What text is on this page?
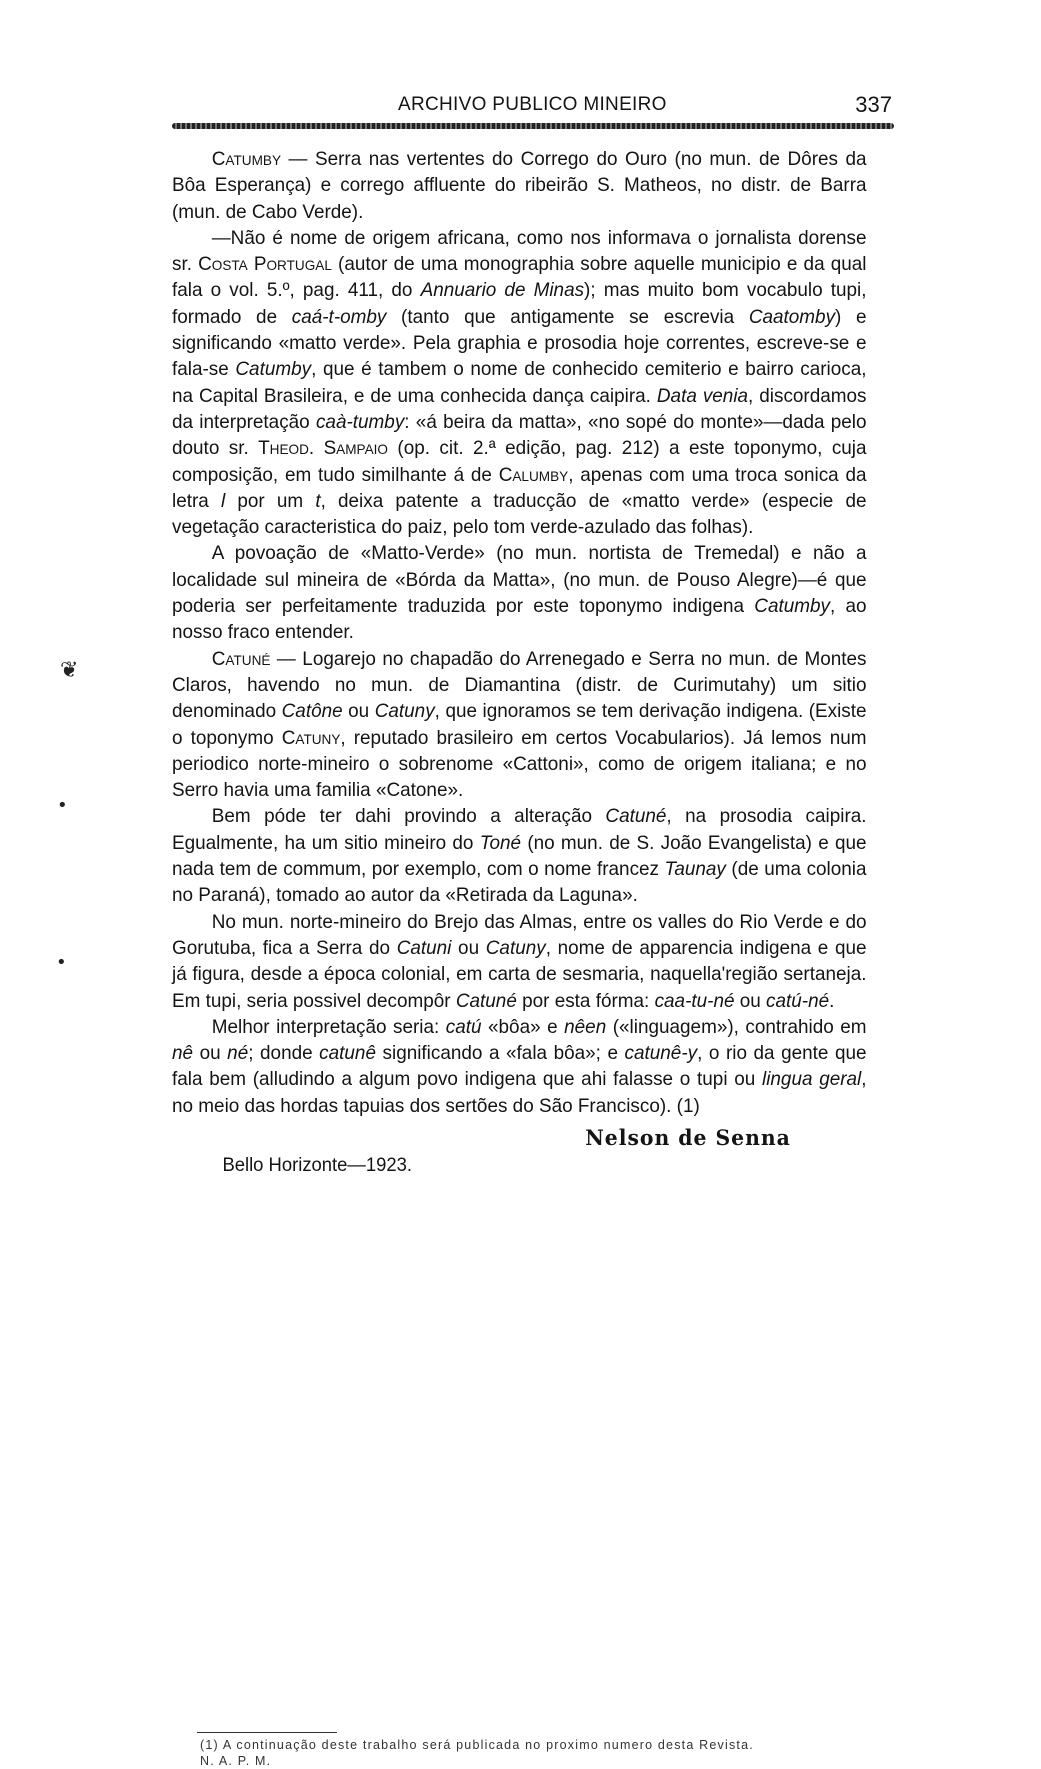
ARCHIVO PUBLICO MINEIRO	337
❦
•
•

Catumby — Serra nas vertentes do Corrego do Ouro (no mun. de Dôres da Bôa Esperança) e corrego affluente do ribeirão S. Matheos, no distr. de Barra (mun. de Cabo Verde).

—Não é nome de origem africana, como nos informava o jornalista dorense sr. Costa Portugal (autor de uma monographia sobre aquelle municipio e da qual fala o vol. 5.º, pag. 411, do Annuario de Minas); mas muito bom vocabulo tupi, formado de caá-t-omby (tanto que antigamente se escrevia Caatomby) e significando «matto verde». Pela graphia e prosodia hoje correntes, escreve-se e fala-se Catumby, que é tambem o nome de conhecido cemiterio e bairro carioca, na Capital Brasileira, e de uma conhecida dança caipira. Data venia, discordamos da interpretação caà-tumby: «á beira da matta», «no sopé do monte»—dada pelo douto sr. Theod. Sampaio (op. cit. 2.ª edição, pag. 212) a este toponymo, cuja composição, em tudo similhante á de Calumby, apenas com uma troca sonica da letra l por um t, deixa patente a traducção de «matto verde» (especie de vegetação caracteristica do paiz, pelo tom verde-azulado das folhas).

A povoação de «Matto-Verde» (no mun. nortista de Tremedal) e não a localidade sul mineira de «Bórda da Matta», (no mun. de Pouso Alegre)—é que poderia ser perfeitamente traduzida por este toponymo indigena Catumby, ao nosso fraco entender.

Catuné — Logarejo no chapadão do Arrenegado e Serra no mun. de Montes Claros, havendo no mun. de Diamantina (distr. de Curimutahy) um sitio denominado Catône ou Catuny, que ignoramos se tem derivação indigena. (Existe o toponymo Catuny, reputado brasileiro em certos Vocabularios). Já lemos num periodico norte-mineiro o sobrenome «Cattoni», como de origem italiana; e no Serro havia uma familia «Catone».

Bem póde ter dahi provindo a alteração Catuné, na prosodia caipira. Egualmente, ha um sitio mineiro do Toné (no mun. de S. João Evangelista) e que nada tem de commum, por exemplo, com o nome francez Taunay (de uma colonia no Paraná), tomado ao autor da «Retirada da Laguna».

No mun. norte-mineiro do Brejo das Almas, entre os valles do Rio Verde e do Gorutuba, fica a Serra do Catuni ou Catuny, nome de apparencia indigena e que já figura, desde a época colonial, em carta de sesmaria, naquella'região sertaneja. Em tupi, seria possivel decompôr Catuné por esta fórma: caa-tu-né ou catú-né.

Melhor interpretação seria: catú «bôa» e nêen («linguagem»), contrahido em nê ou né; donde catunê significando a «fala bôa»; e catunê-y, o rio da gente que fala bem (alludindo a algum povo indigena que ahi falasse o tupi ou lingua geral, no meio das hordas tapuias dos sertões do São Francisco). (1)

Bello Horizonte—1923.
Nelson de Senna
(1) A continuação deste trabalho será publicada no proximo numero desta Revista.
N. A. P. M.
